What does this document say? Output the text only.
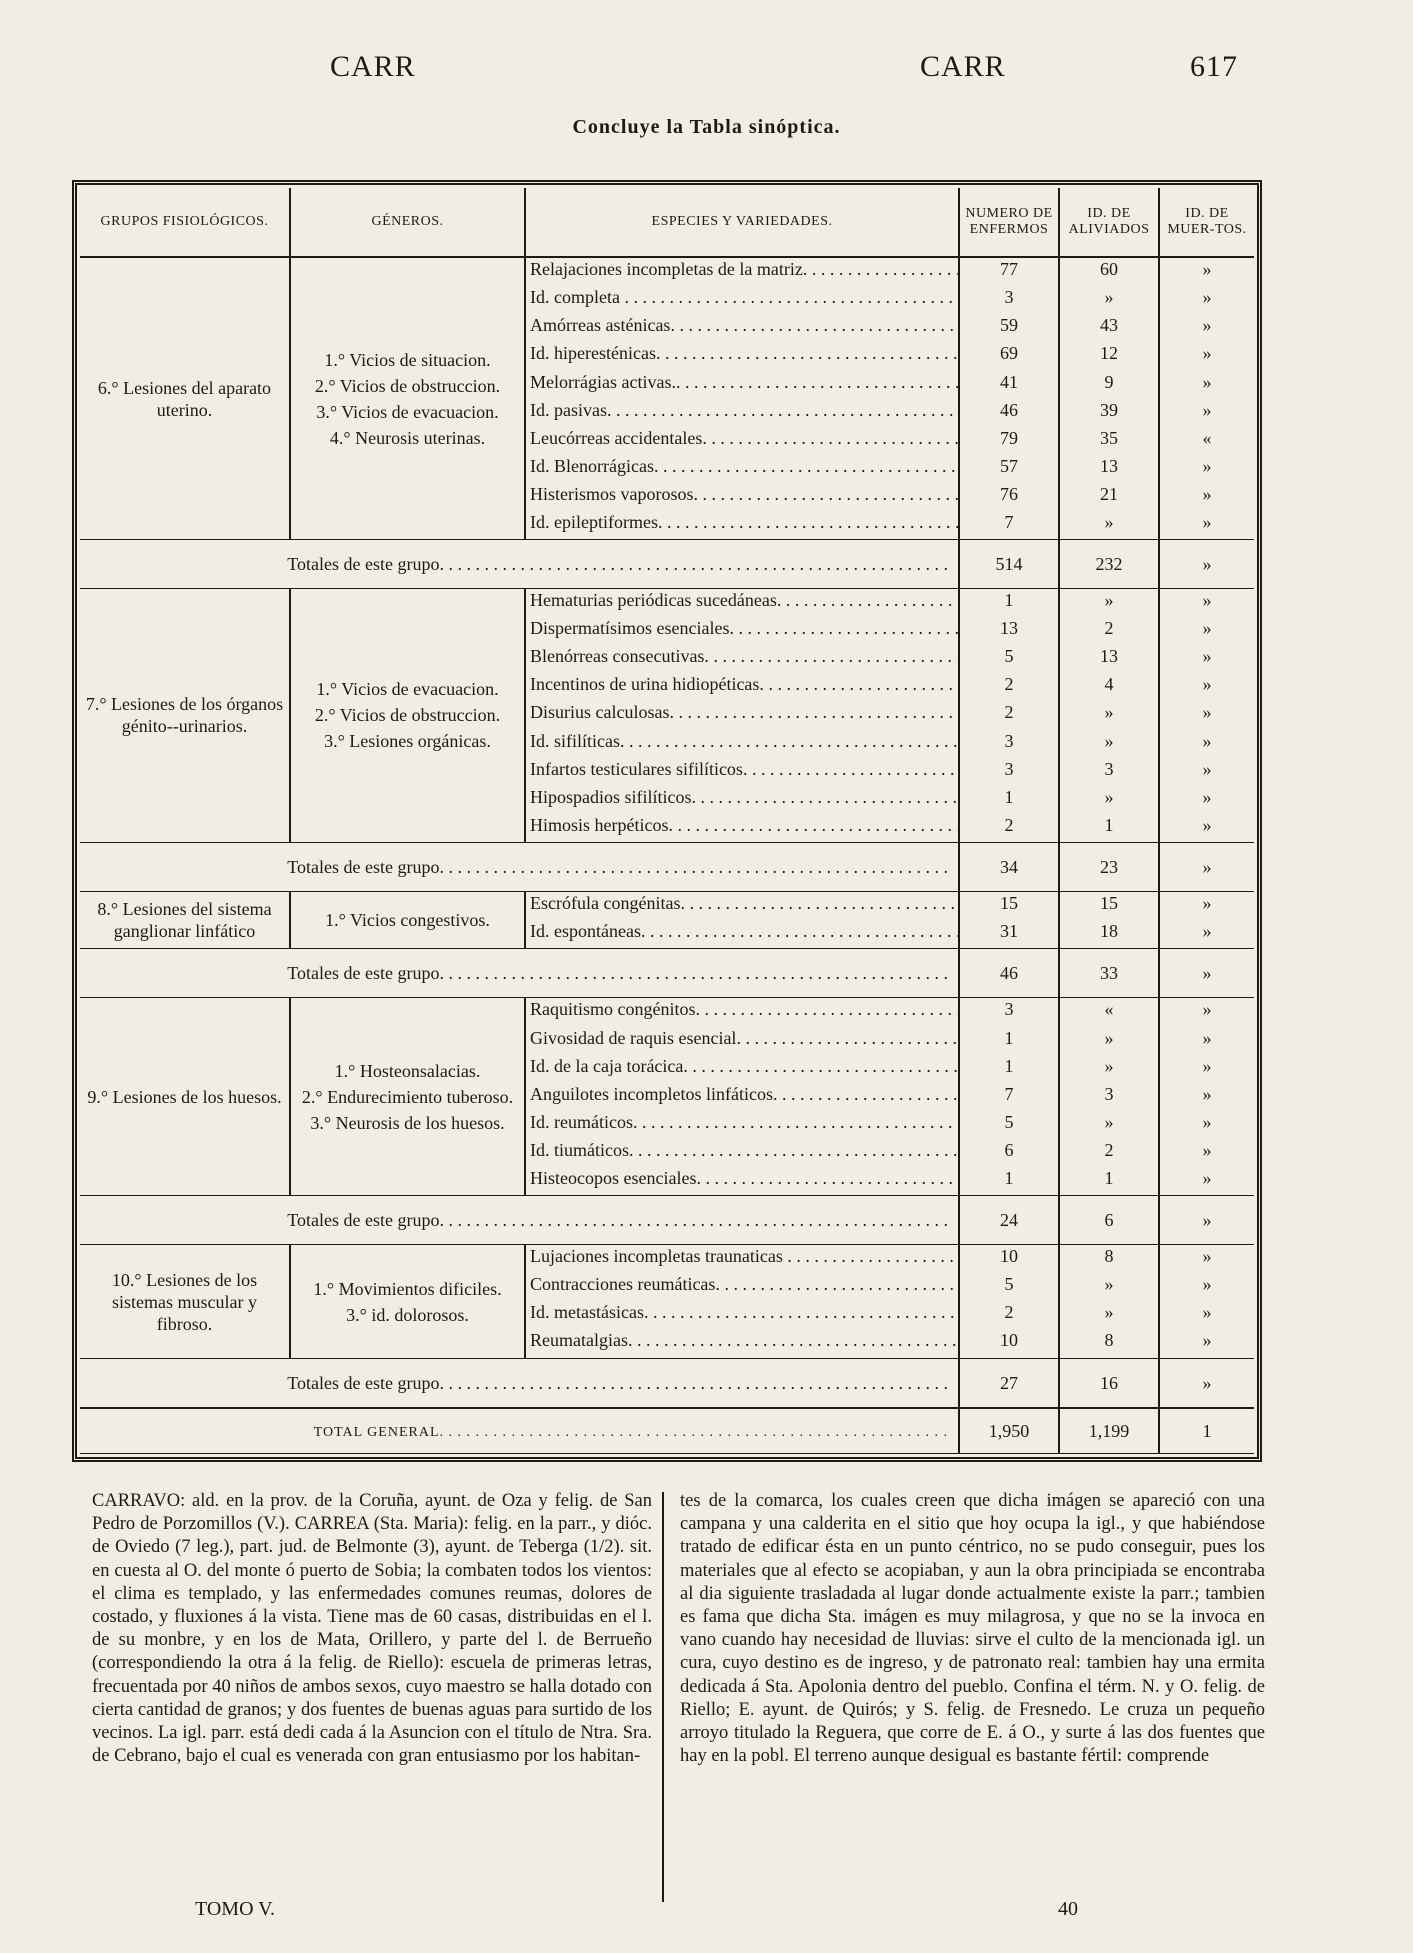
CARR	CARR	617
Concluye la Tabla sinóptica.
GRUPOS FISIOLÓGICOS.	GÉNEROS.	ESPECIES Y VARIEDADES.	NUMERO DE ENFERMOS	ID. DE ALIVIADOS	ID. DE MUER-TOS.
6.° Lesiones del aparato uterino.	1.° Vicios de situacion.
2.° Vicios de obstruccion.
3.° Vicios de evacuacion.
4.° Neurosis uterinas.	Relajaciones incompletas de la matriz. . . .	77	60	»
		Id. completa . . .	3	»	»
		Amórreas asténicas. . . .	59	43	»
		Id. hiperesténicas. . . .	69	12	»
		Melorrágias activas.. . . .	41	9	»
		Id. pasivas. . . .	46	39	»
		Leucórreas accidentales. . . .	79	35	«
		Id. Blenorrágicas. . . .	57	13	»
		Histerismos vaporosos. . . .	76	21	»
		Id. epileptiformes. . . .	7	»	»
Totales de este grupo. . . .			514	232	»
7.° Lesiones de los órganos génito--urinarios.	1.° Vicios de evacuacion.
2.° Vicios de obstruccion.
3.° Lesiones orgánicas.	Hematurias periódicas sucedáneas. . . .	1	»	»
		Dispermatísimos esenciales. . . .	13	2	»
		Blenórreas consecutivas. . . .	5	13	»
		Incentinos de urina hidiopéticas. . . .	2	4	»
		Disurius calculosas. . . .	2	»	»
		Id. sifilíticas. . . .	3	»	»
		Infartos testiculares sifilíticos. . . .	3	3	»
		Hipospadios sifilíticos. . . .	1	»	»
		Himosis herpéticos. . . .	2	1	»
Totales de este grupo. . . .			34	23	»
8.° Lesiones del sistema ganglionar linfático	1.° Vicios congestivos.	Escrófula congénitas. . . .	15	15	»
		Id. espontáneas. . . .	31	18	»
Totales de este grupo. . . .			46	33	»
9.° Lesiones de los huesos.	1.° Hosteonsalacias.
2.° Endurecimiento tuberoso.
3.° Neurosis de los huesos.	Raquitismo congénitos. . . .	3	«	»
		Givosidad de raquis esencial. . . .	1	»	»
		Id. de la caja torácica. . . .	1	»	»
		Anguilotes incompletos linfáticos. . . .	7	3	»
		Id. reumáticos. . . .	5	»	»
		Id. tiumáticos. . . .	6	2	»
		Histeocopos esenciales. . . .	1	1	»
Totales de este grupo. . . .			24	6	»
10.° Lesiones de los sistemas muscular y fibroso.	1.° Movimientos dificiles.
3.° id. dolorosos.	Lujaciones incompletas traunaticas . . .	10	8	»
		Contracciones reumáticas. . . .	5	»	»
		Id. metastásicas. . . .	2	»	»
		Reumatalgias. . . .	10	8	»
Totales de este grupo. . . .			27	16	»
TOTAL GENERAL. . . .			1,950	1,199	1
CARRAVO: ald. en la prov. de la Coruña, ayunt. de Oza y felig. de San Pedro de Porzomillos (V.). CARREA (Sta. Maria): felig. en la parr., y dióc. de Oviedo (7 leg.), part. jud. de Belmonte (3), ayunt. de Teberga (1/2). sit. en cuesta al O. del monte ó puerto de Sobia; la combaten todos los vientos: el clima es templado, y las enfermedades comunes reumas, dolores de costado, y fluxiones á la vista. Tiene mas de 60 casas, distribuidas en el l. de su monbre, y en los de Mata, Orillero, y parte del l. de Berrueño (correspondiendo la otra á la felig. de Riello): escuela de primeras letras, frecuentada por 40 niños de ambos sexos, cuyo maestro se halla dotado con cierta cantidad de granos; y dos fuentes de buenas aguas para surtido de los vecinos. La igl. parr. está dedi cada á la Asuncion con el título de Ntra. Sra. de Cebrano, bajo el cual es venerada con gran entusiasmo por los habitan-
tes de la comarca, los cuales creen que dicha imágen se apareció con una campana y una calderita en el sitio que hoy ocupa la igl., y que habiéndose tratado de edificar ésta en un punto céntrico, no se pudo conseguir, pues los materiales que al efecto se acopiaban, y aun la obra principiada se encontraba al dia siguiente trasladada al lugar donde actualmente existe la parr.; tambien es fama que dicha Sta. imágen es muy milagrosa, y que no se la invoca en vano cuando hay necesidad de lluvias: sirve el culto de la mencionada igl. un cura, cuyo destino es de ingreso, y de patronato real: tambien hay una ermita dedicada á Sta. Apolonia dentro del pueblo. Confina el térm. N. y O. felig. de Riello; E. ayunt. de Quirós; y S. felig. de Fresnedo. Le cruza un pequeño arroyo titulado la Reguera, que corre de E. á O., y surte á las dos fuentes que hay en la pobl. El terreno aunque desigual es bastante fértil: comprende
TOMO V.	40
